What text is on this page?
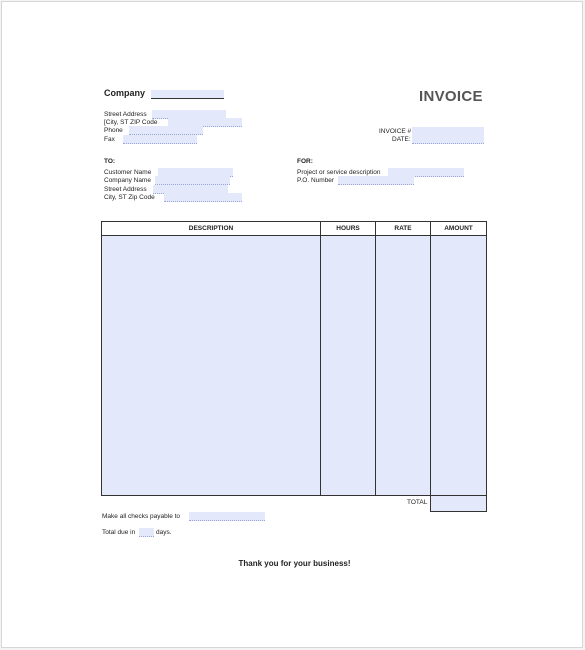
Company	INVOICE
Street Address
[City, ST ZIP Code
Phone
Fax
INVOICE #
DATE:
TO:
Customer Name
Company Name
Street Address
City, ST Zip Code
FOR:
Project or service description
P.O. Number
DESCRIPTION	HOURS	RATE	AMOUNT
TOTAL
Make all checks payable to
Total due in	days.
Thank you for your business!
